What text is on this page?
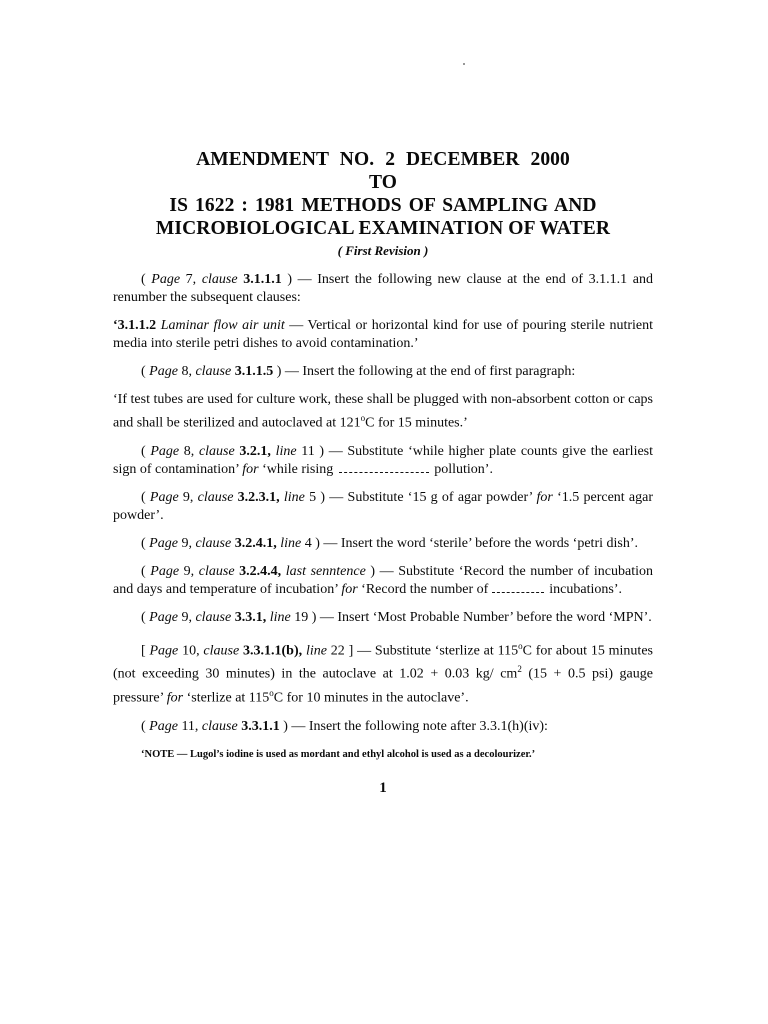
AMENDMENT NO. 2 DECEMBER 2000
TO
IS 1622 : 1981 METHODS OF SAMPLING AND
MICROBIOLOGICAL EXAMINATION OF WATER
( First Revision )

( Page 7, clause 3.1.1.1 ) — Insert the following new clause at the end of 3.1.1.1 and renumber the subsequent clauses:

‘3.1.1.2 Laminar flow air unit — Vertical or horizontal kind for use of pouring sterile nutrient media into sterile petri dishes to avoid contamination.’

( Page 8, clause 3.1.1.5 ) — Insert the following at the end of first paragraph:

‘If test tubes are used for culture work, these shall be plugged with non-absorbent cotton or caps and shall be sterilized and autoclaved at 121$^o$C for 15 minutes.’

( Page 8, clause 3.2.1, line 11 ) — Substitute ‘while higher plate counts give the earliest sign of contamination’ for ‘while rising	pollution’.

( Page 9, clause 3.2.3.1, line 5 ) — Substitute ‘15 g of agar powder’ for ‘1.5 percent agar powder’.

( Page 9, clause 3.2.4.1, line 4 ) — Insert the word ‘sterile’ before the words ‘petri dish’.

( Page 9, clause 3.2.4.4, last senntence ) — Substitute ‘Record the number of incubation and days and temperature of incubation’ for ‘Record the number of	incubations’.

( Page 9, clause 3.3.1, line 19 ) — Insert ‘Most Probable Number’ before the word ‘MPN’.

[ Page 10, clause 3.3.1.1(b), line 22 ] — Substitute ‘sterlize at 115$^o$C for about 15 minutes (not exceeding 30 minutes) in the autoclave at 1.02 + 0.03 kg/ $cm^2$ (15 + 0.5 psi) gauge pressure’ for ‘sterlize at 115$^o$C for 10 minutes in the autoclave’.

( Page 11, clause 3.3.1.1 ) — Insert the following note after 3.3.1(h)(iv):

‘NOTE — Lugol’s iodine is used as mordant and ethyl alcohol is used as a decolourizer.’

1
